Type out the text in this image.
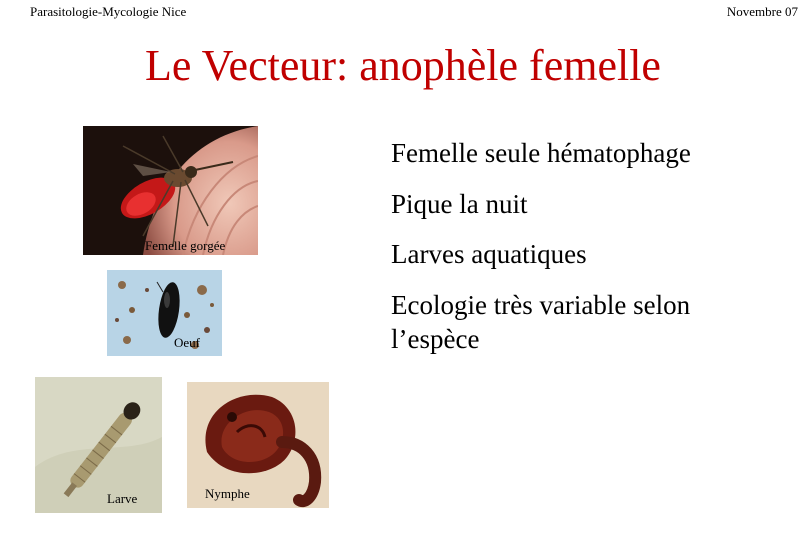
Parasitologie-Mycologie Nice	Novembre 07
Le Vecteur: anophèle femelle
Femelle seule hématophage
Pique la nuit
Larves aquatiques
Ecologie très variable selon l’espèce
Femelle gorgée
Oeuf
Larve	Nymphe
